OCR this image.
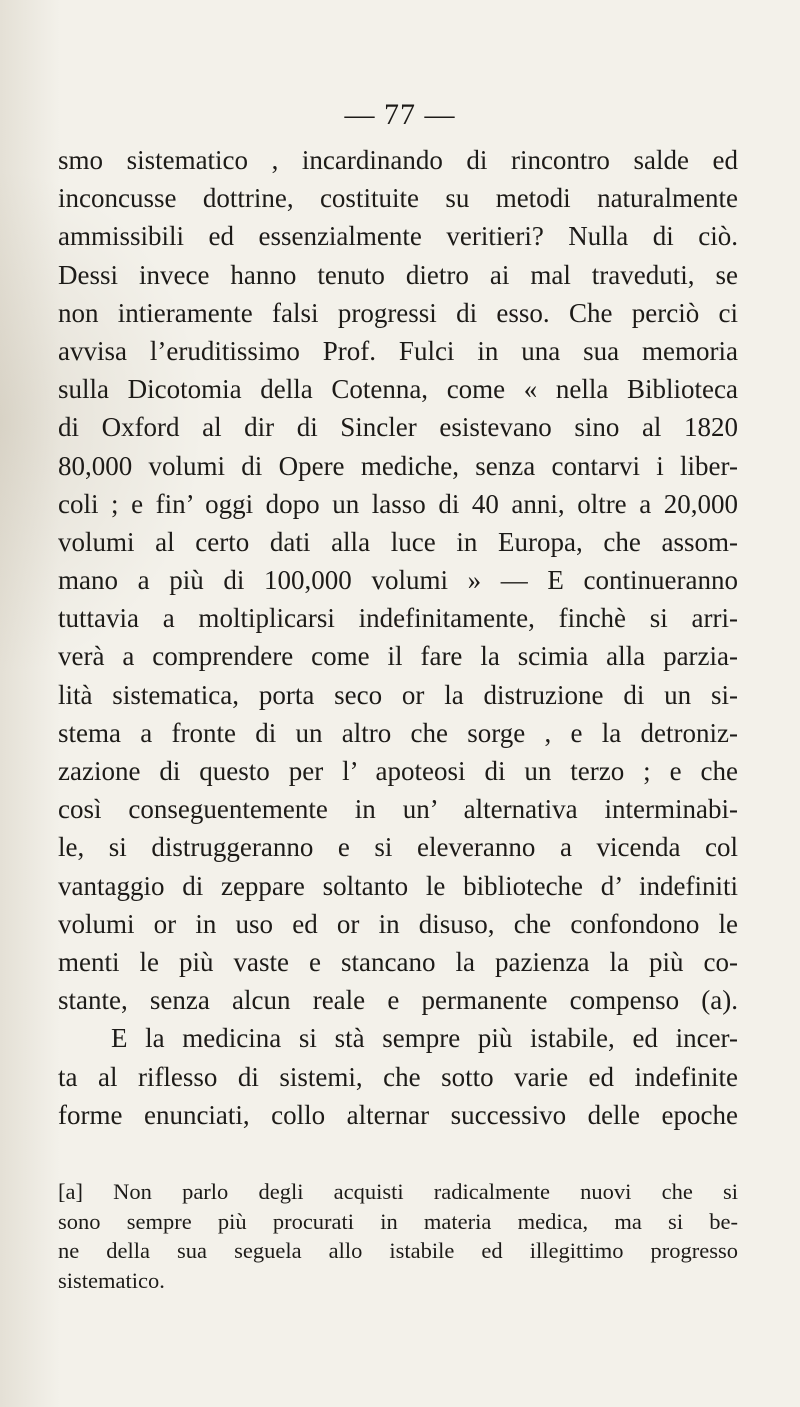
— 77 —
smo sistematico , incardinando di rincontro salde ed
inconcusse dottrine, costituite su metodi naturalmente
ammissibili ed essenzialmente veritieri? Nulla di ciò.
Dessi invece hanno tenuto dietro ai mal traveduti, se
non intieramente falsi progressi di esso. Che perciò ci
avvisa l’eruditissimo Prof. Fulci in una sua memoria
sulla Dicotomia della Cotenna, come « nella Biblioteca
di Oxford al dir di Sincler esistevano sino al 1820
80,000 volumi di Opere mediche, senza contarvi i liber-
coli ; e fin’ oggi dopo un lasso di 40 anni, oltre a 20,000
volumi al certo dati alla luce in Europa, che assom-
mano a più di 100,000 volumi » — E continueranno
tuttavia a moltiplicarsi indefinitamente, finchè si arri-
verà a comprendere come il fare la scimia alla parzia-
lità sistematica, porta seco or la distruzione di un si-
stema a fronte di un altro che sorge , e la detroniz-
zazione di questo per l’ apoteosi di un terzo ; e che
così conseguentemente in un’ alternativa interminabi-
le, si distruggeranno e si eleveranno a vicenda col
vantaggio di zeppare soltanto le biblioteche d’ indefiniti
volumi or in uso ed or in disuso, che confondono le
menti le più vaste e stancano la pazienza la più co-
stante, senza alcun reale e permanente compenso (a).
E la medicina si stà sempre più istabile, ed incer-
ta al riflesso di sistemi, che sotto varie ed indefinite
forme enunciati, collo alternar successivo delle epoche
[a] Non parlo degli acquisti radicalmente nuovi che si
sono sempre più procurati in materia medica, ma si be-
ne della sua seguela allo istabile ed illegittimo progresso
sistematico.
